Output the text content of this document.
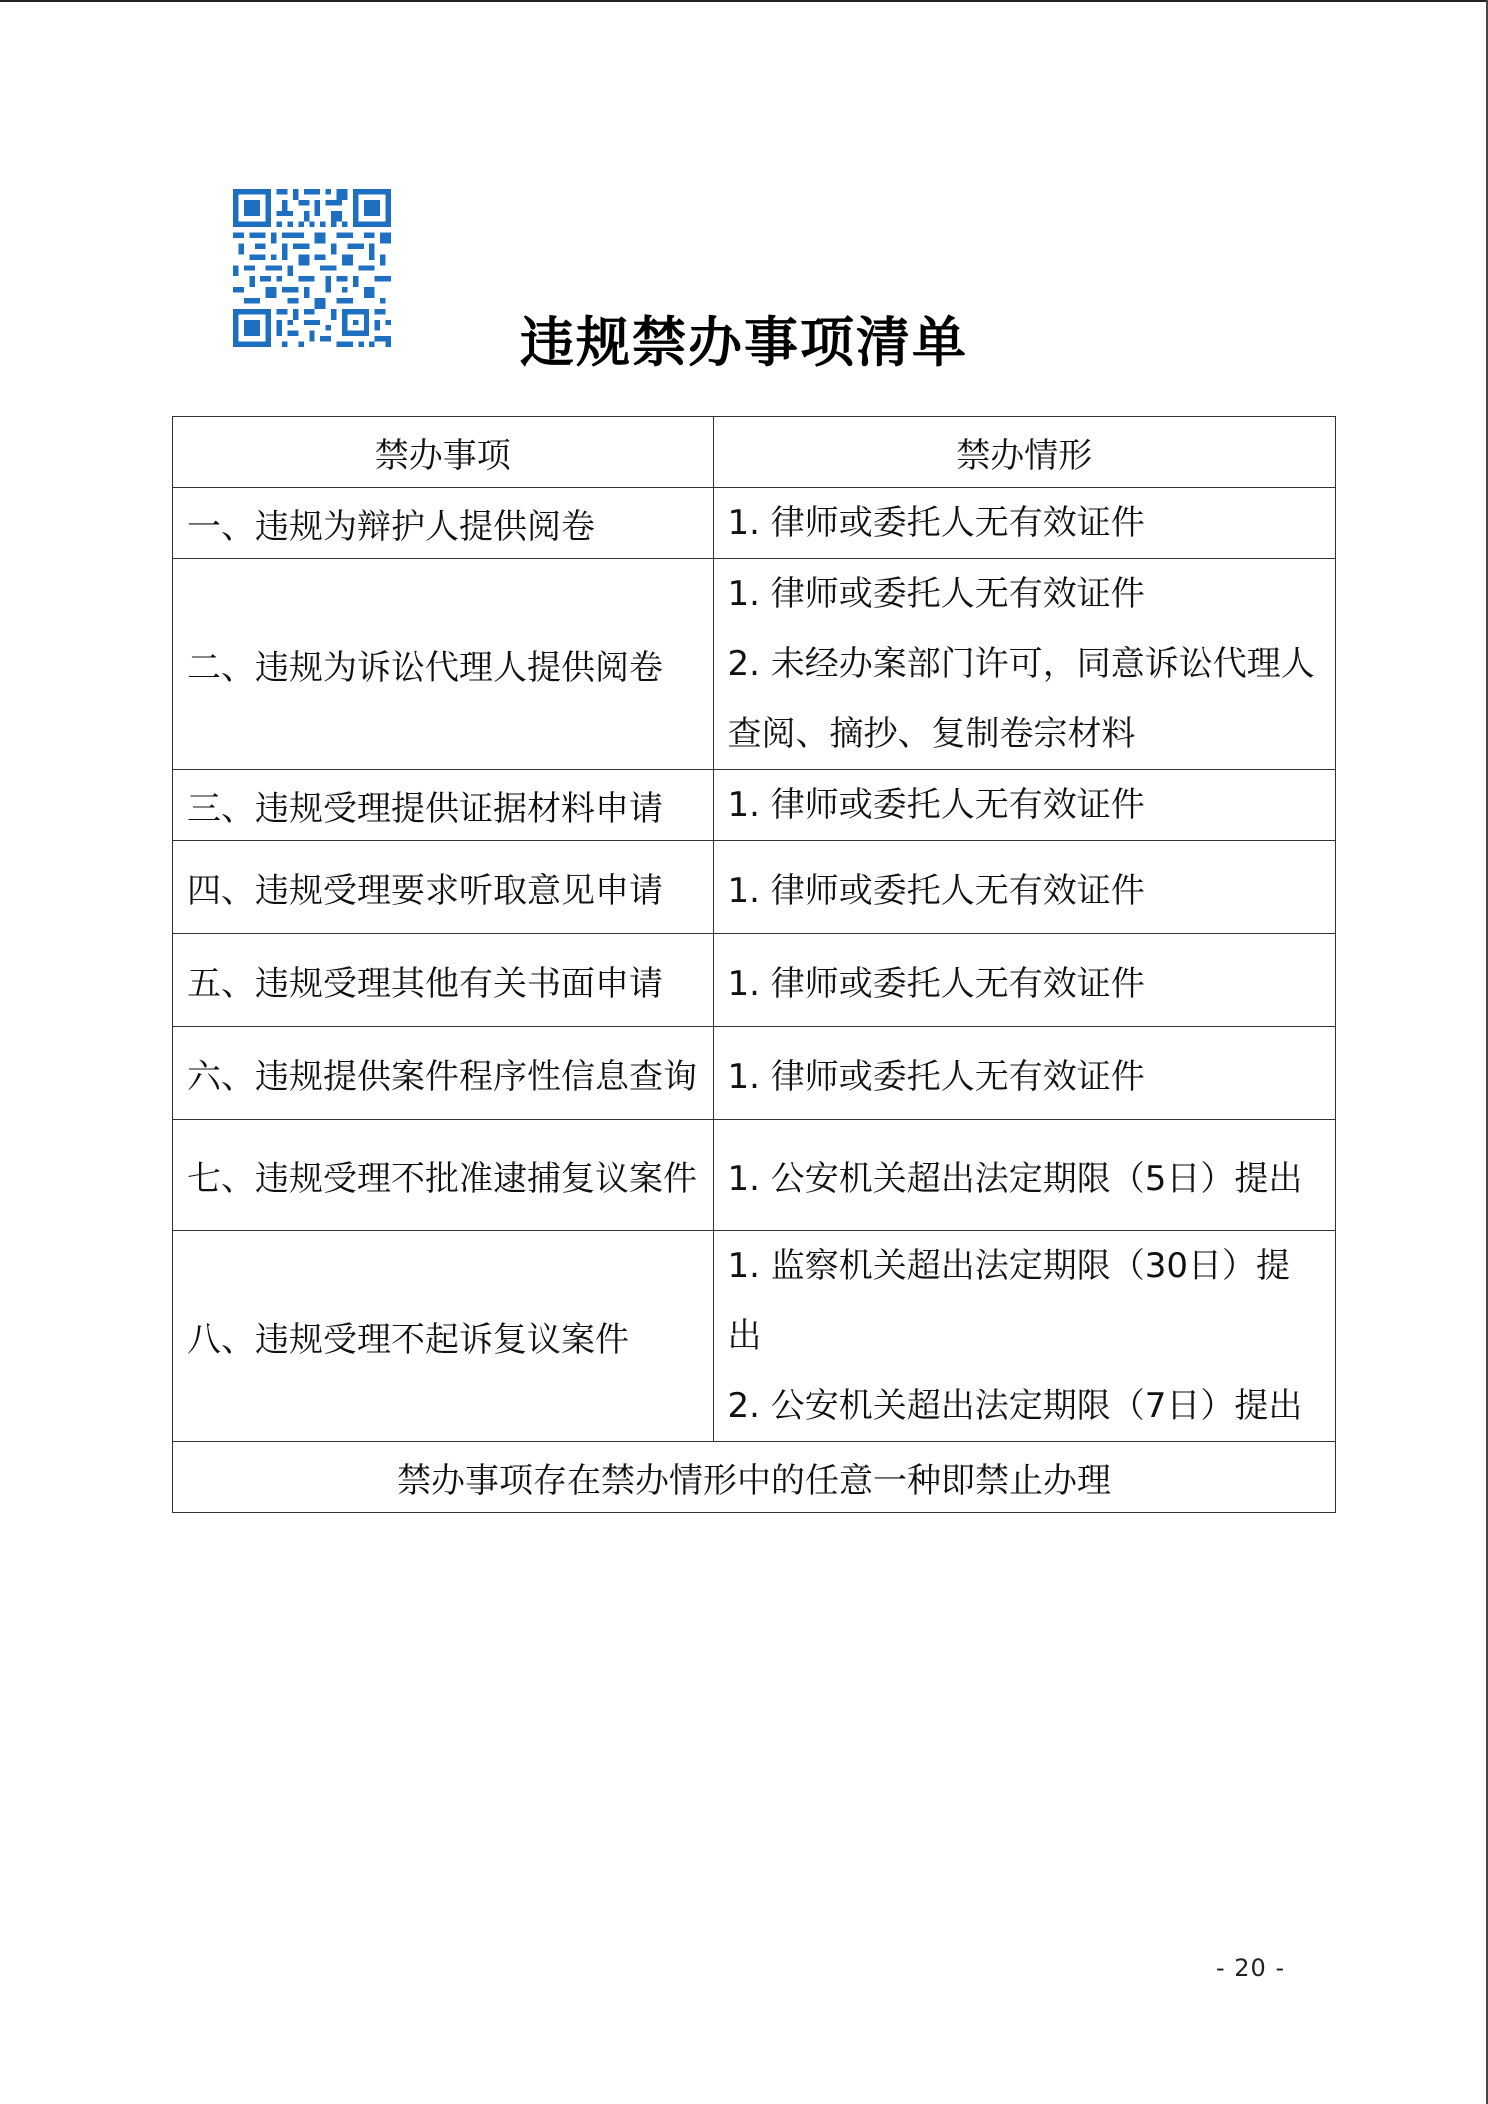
违规禁办事项清单
禁办事项	禁办情形
一、违规为辩护人提供阅卷	1. 律师或委托人无有效证件

二、违规为诉讼代理人提供阅卷	1. 律师或委托人无有效证件
2. 未经办案部门许可，同意诉讼代理人
查阅、摘抄、复制卷宗材料

三、违规受理提供证据材料申请	1. 律师或委托人无有效证件

四、违规受理要求听取意见申请	1. 律师或委托人无有效证件

五、违规受理其他有关书面申请	1. 律师或委托人无有效证件

六、违规提供案件程序性信息查询	1. 律师或委托人无有效证件

七、违规受理不批准逮捕复议案件	1. 公安机关超出法定期限（5日）提出

八、违规受理不起诉复议案件	1. 监察机关超出法定期限（30日）提
出
2. 公安机关超出法定期限（7日）提出

禁办事项存在禁办情形中的任意一种即禁止办理	
- 20 -
